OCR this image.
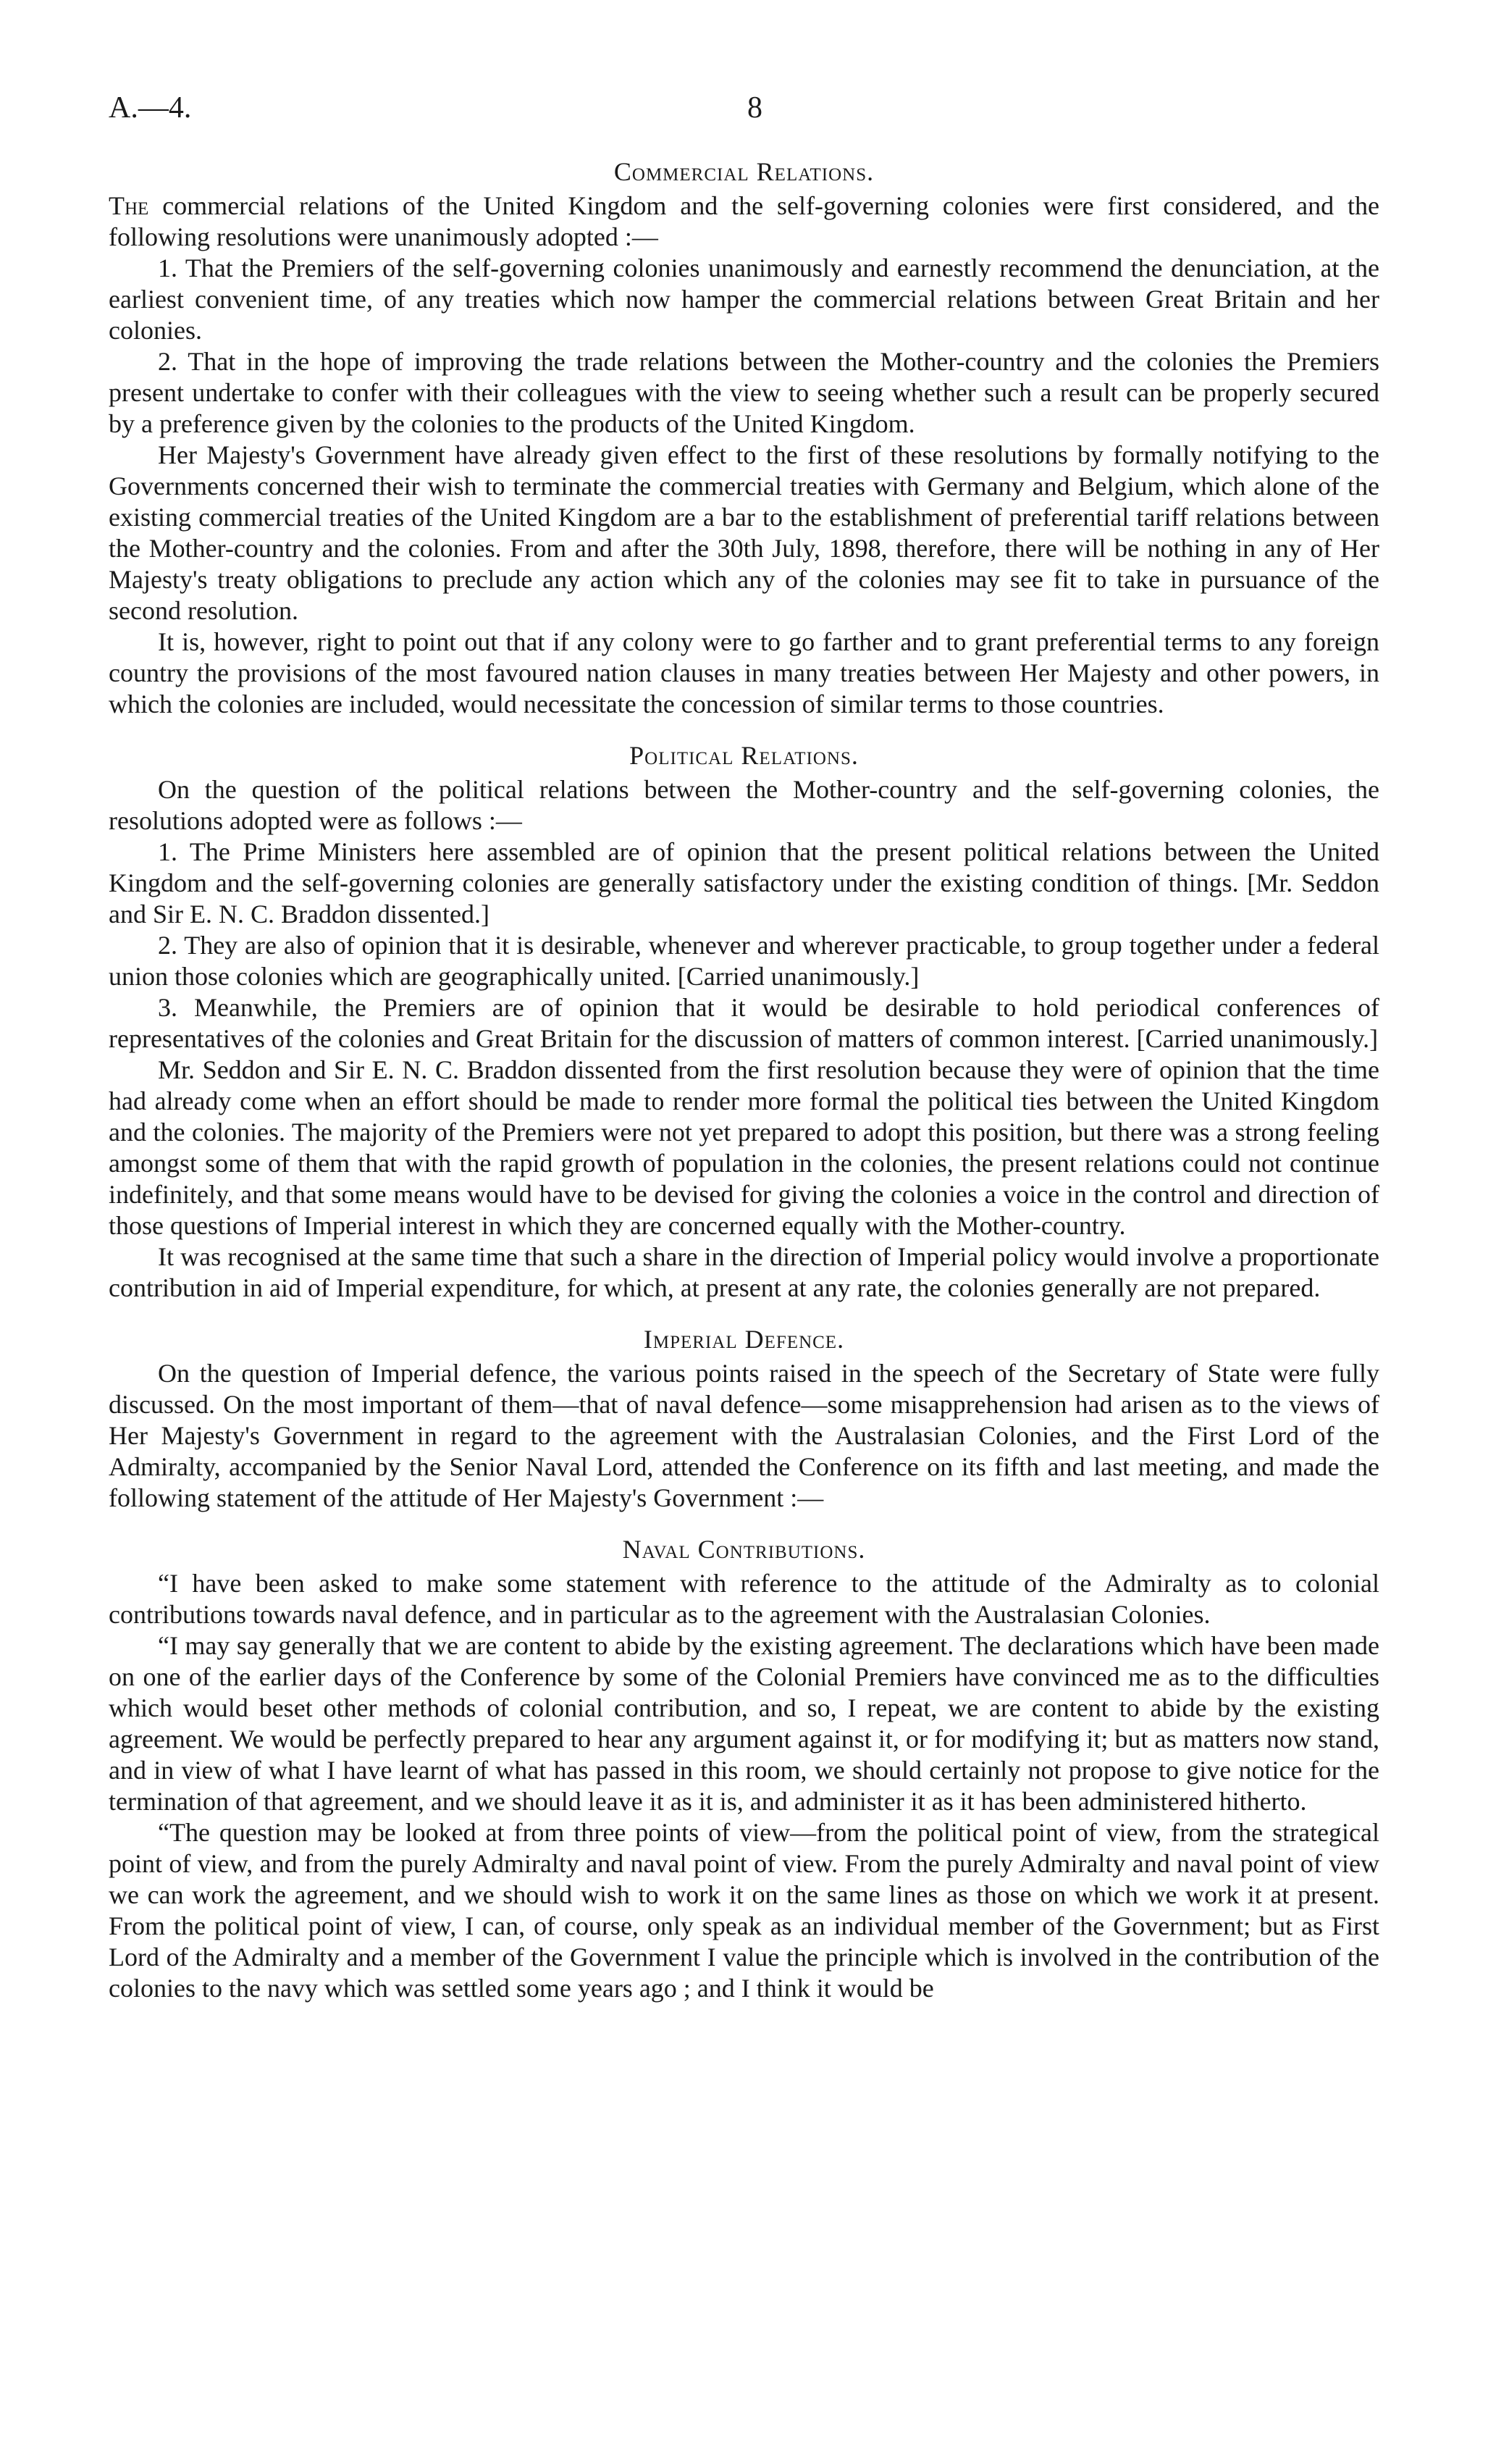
A.—4.	8
Commercial Relations.

The commercial relations of the United Kingdom and the self-governing colonies were first considered, and the following resolutions were unanimously adopted :—

1. That the Premiers of the self-governing colonies unanimously and earnestly recommend the denunciation, at the earliest convenient time, of any treaties which now hamper the commercial relations between Great Britain and her colonies.

2. That in the hope of improving the trade relations between the Mother-country and the colonies the Premiers present undertake to confer with their colleagues with the view to seeing whether such a result can be properly secured by a preference given by the colonies to the products of the United Kingdom.

Her Majesty's Government have already given effect to the first of these resolutions by formally notifying to the Governments concerned their wish to terminate the commercial treaties with Germany and Belgium, which alone of the existing commercial treaties of the United Kingdom are a bar to the establishment of preferential tariff relations between the Mother-country and the colonies. From and after the 30th July, 1898, therefore, there will be nothing in any of Her Majesty's treaty obligations to preclude any action which any of the colonies may see fit to take in pursuance of the second resolution.

It is, however, right to point out that if any colony were to go farther and to grant preferential terms to any foreign country the provisions of the most favoured nation clauses in many treaties between Her Majesty and other powers, in which the colonies are included, would necessitate the concession of similar terms to those countries.

Political Relations.

On the question of the political relations between the Mother-country and the self-governing colonies, the resolutions adopted were as follows :—

1. The Prime Ministers here assembled are of opinion that the present political relations between the United Kingdom and the self-governing colonies are generally satisfactory under the existing condition of things. [Mr. Seddon and Sir E. N. C. Braddon dissented.]

2. They are also of opinion that it is desirable, whenever and wherever practicable, to group together under a federal union those colonies which are geographically united. [Carried unanimously.]

3. Meanwhile, the Premiers are of opinion that it would be desirable to hold periodical conferences of representatives of the colonies and Great Britain for the discussion of matters of common interest. [Carried unanimously.]

Mr. Seddon and Sir E. N. C. Braddon dissented from the first resolution because they were of opinion that the time had already come when an effort should be made to render more formal the political ties between the United Kingdom and the colonies. The majority of the Premiers were not yet prepared to adopt this position, but there was a strong feeling amongst some of them that with the rapid growth of population in the colonies, the present relations could not continue indefinitely, and that some means would have to be devised for giving the colonies a voice in the control and direction of those questions of Imperial interest in which they are concerned equally with the Mother-country.

It was recognised at the same time that such a share in the direction of Imperial policy would involve a proportionate contribution in aid of Imperial expenditure, for which, at present at any rate, the colonies generally are not prepared.

Imperial Defence.

On the question of Imperial defence, the various points raised in the speech of the Secretary of State were fully discussed. On the most important of them—that of naval defence—some misapprehension had arisen as to the views of Her Majesty's Government in regard to the agreement with the Australasian Colonies, and the First Lord of the Admiralty, accompanied by the Senior Naval Lord, attended the Conference on its fifth and last meeting, and made the following statement of the attitude of Her Majesty's Government :—

Naval Contributions.

“I have been asked to make some statement with reference to the attitude of the Admiralty as to colonial contributions towards naval defence, and in particular as to the agreement with the Australasian Colonies.

“I may say generally that we are content to abide by the existing agreement. The declarations which have been made on one of the earlier days of the Conference by some of the Colonial Premiers have convinced me as to the difficulties which would beset other methods of colonial contribution, and so, I repeat, we are content to abide by the existing agreement. We would be perfectly prepared to hear any argument against it, or for modifying it; but as matters now stand, and in view of what I have learnt of what has passed in this room, we should certainly not propose to give notice for the termination of that agreement, and we should leave it as it is, and administer it as it has been administered hitherto.

“The question may be looked at from three points of view—from the political point of view, from the strategical point of view, and from the purely Admiralty and naval point of view. From the purely Admiralty and naval point of view we can work the agreement, and we should wish to work it on the same lines as those on which we work it at present. From the political point of view, I can, of course, only speak as an individual member of the Government; but as First Lord of the Admiralty and a member of the Government I value the principle which is involved in the contribution of the colonies to the navy which was settled some years ago ; and I think it would be
